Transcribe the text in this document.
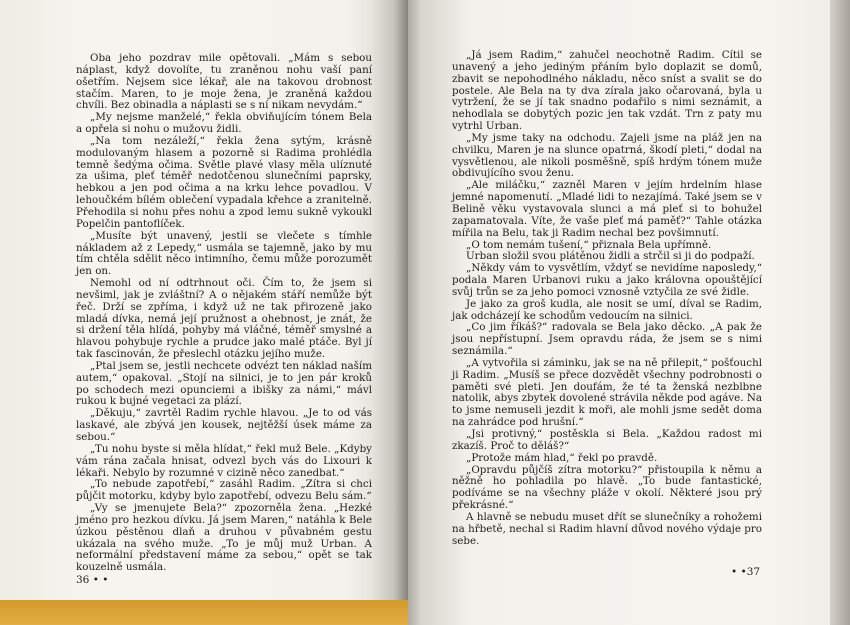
Oba jeho pozdrav mile opětovali. „Mám s sebou náplast, když dovolíte, tu zraněnou nohu vaší paní ošetřím. Nejsem sice lékař, ale na takovou drobnost stačím. Maren, to je moje žena, je zraněná každou chvíli. Bez obinadla a náplasti se s ní nikam nevydám.“

„My nejsme manželé,“ řekla obviňujícím tónem Bela a opřela si nohu o mužovu židli.

„Na tom nezáleží,“ řekla žena sytým, krásně modulovaným hlasem a pozorně si Radima prohlédla temně šedýma očima. Světle plavé vlasy měla ulíznuté za ušima, pleť téměř nedotčenou slunečními paprsky, hebkou a jen pod očima a na krku lehce povadlou. V lehoučkém bílém oblečení vypadala křehce a zranitelně. Přehodila si nohu přes nohu a zpod lemu sukně vykoukl Popelčin pantoflíček.

„Musíte být unavený, jestli se vlečete s tímhle nákladem až z Lepedy,“ usmála se tajemně, jako by mu tím chtěla sdělit něco intimního, čemu může porozumět jen on.

Nemohl od ní odtrhnout oči. Čím to, že jsem si nevšiml, jak je zvláštní? A o nějakém stáří nemůže být řeč. Drží se zpříma, i když už ne tak přirozeně jako mladá dívka, nemá její pružnost a ohebnost, je znát, že si držení těla hlídá, pohyby má vláčné, téměř smyslné a hlavou pohybuje rychle a prudce jako malé ptáče. Byl jí tak fascinován, že přeslechl otázku jejího muže.

„Ptal jsem se, jestli nechcete odvézt ten náklad naším autem,“ opakoval. „Stojí na silnici, je to jen pár kroků po schodech mezi opunciemi a ibišky za námi,“ mávl rukou k bujné vegetaci za plází.

„Děkuju,“ zavrtěl Radim rychle hlavou. „Je to od vás laskavé, ale zbývá jen kousek, nejtěžší úsek máme za sebou.“

„Tu nohu byste si měla hlídat,“ řekl muž Bele. „Kdyby vám rána začala hnisat, odvezl bych vás do Lixouri k lékaři. Nebylo by rozumné v cizině něco zanedbat.“

„To nebude zapotřebí,“ zasáhl Radim. „Zítra si chci půjčit motorku, kdyby bylo zapotřebí, odvezu Belu sám.“

„Vy se jmenujete Bela?“ zpozorněla žena. „Hezké jméno pro hezkou dívku. Já jsem Maren,“ natáhla k Bele úzkou pěstěnou dlaň a druhou v půvabném gestu ukázala na svého muže. „To je můj muž Urban. A neformální představení máme za sebou,“ opět se tak kouzelně usmála.

36 • •

„Já jsem Radim,“ zahučel neochotně Radim. Cítil se unavený a jeho jediným přáním bylo doplazit se domů, zbavit se nepohodlného nákladu, něco sníst a svalit se do postele. Ale Bela na ty dva zírala jako očarovaná, byla u vytržení, že se jí tak snadno podařilo s nimi seznámit, a nehodlala se dobytých pozic jen tak vzdát. Trn z paty mu vytrhl Urban.

„My jsme taky na odchodu. Zajeli jsme na pláž jen na chvilku, Maren je na slunce opatrná, škodí pleti,“ dodal na vysvětlenou, ale nikoli posměšně, spíš hrdým tónem muže obdivujícího svou ženu.

„Ale miláčku,“ zazněl Maren v jejím hrdelním hlase jemné napomenutí. „Mladé lidi to nezajímá. Také jsem se v Belině věku vystavovala slunci a má pleť si to bohužel zapamatovala. Víte, že vaše pleť má paměť?“ Tahle otázka mířila na Belu, tak ji Radim nechal bez povšimnutí.

„O tom nemám tušení,“ přiznala Bela upřímně.

Urban složil svou plátěnou židli a strčil si ji do podpaží.

„Někdy vám to vysvětlím, vždyť se nevidíme naposledy,“ podala Maren Urbanovi ruku a jako královna opouštějící svůj trůn se za jeho pomoci vznosně vztyčila ze své židle.

Je jako za groš kudla, ale nosit se umí, díval se Radim, jak odcházejí ke schodům vedoucím na silnici.

„Co jim říkáš?“ radovala se Bela jako děcko. „A pak že jsou nepřístupní. Jsem opravdu ráda, že jsem se s nimi seznámila.“

„A vytvořila si záminku, jak se na ně přilepit,“ pošťouchl ji Radim. „Musíš se přece dozvědět všechny podrobnosti o paměti své pleti. Jen doufám, že té ta ženská nezblbne natolik, abys zbytek dovolené strávila někde pod agáve. Na to jsme nemuseli jezdit k moři, ale mohli jsme sedět doma na zahrádce pod hrušní.“

„Jsi protivný,“ postěskla si Bela. „Každou radost mi zkazíš. Proč to děláš?“

„Protože mám hlad,“ řekl po pravdě.

„Opravdu půjčíš zítra motorku?“ přistoupila k němu a něžně ho pohladila po hlavě. „To bude fantastické, podíváme se na všechny pláže v okolí. Některé jsou prý překrásné.“

A hlavně se nebudu muset dřít se slunečníky a rohožemi na hřbetě, nechal si Radim hlavní důvod nového výdaje pro sebe.

• •37
